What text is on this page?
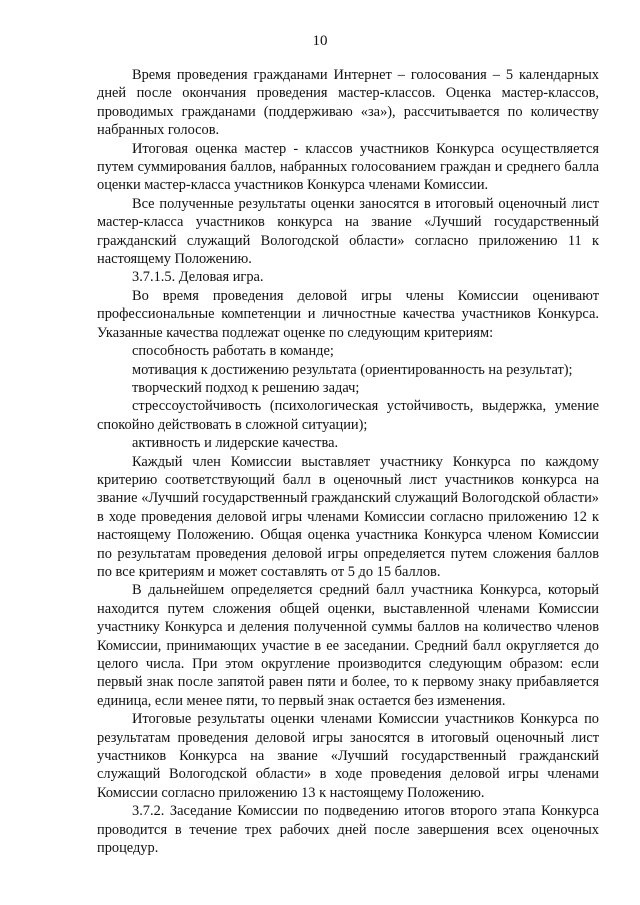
10

Время проведения гражданами Интернет – голосования – 5 календарных дней после окончания проведения мастер-классов. Оценка мастер-классов, проводимых гражданами (поддерживаю «за»), рассчитывается по количеству набранных голосов.

Итоговая оценка мастер - классов участников Конкурса осуществляется путем суммирования баллов, набранных голосованием граждан и среднего балла оценки мастер-класса участников Конкурса членами Комиссии.

Все полученные результаты оценки заносятся в итоговый оценочный лист мастер-класса участников конкурса на звание «Лучший государственный гражданский служащий Вологодской области» согласно приложению 11 к настоящему Положению.

3.7.1.5. Деловая игра.

Во время проведения деловой игры члены Комиссии оценивают профессиональные компетенции и личностные качества участников Конкурса. Указанные качества подлежат оценке по следующим критериям:

способность работать в команде;

мотивация к достижению результата (ориентированность на результат);

творческий подход к решению задач;

стрессоустойчивость (психологическая устойчивость, выдержка, умение спокойно действовать в сложной ситуации);

активность и лидерские качества.

Каждый член Комиссии выставляет участнику Конкурса по каждому критерию соответствующий балл в оценочный лист участников конкурса на звание «Лучший государственный гражданский служащий Вологодской области» в ходе проведения деловой игры членами Комиссии согласно приложению 12 к настоящему Положению. Общая оценка участника Конкурса членом Комиссии по результатам проведения деловой игры определяется путем сложения баллов по все критериям и может составлять от 5 до 15 баллов.

В дальнейшем определяется средний балл участника Конкурса, который находится путем сложения общей оценки, выставленной членами Комиссии участнику Конкурса и деления полученной суммы баллов на количество членов Комиссии, принимающих участие в ее заседании. Средний балл округляется до целого числа. При этом округление производится следующим образом: если первый знак после запятой равен пяти и более, то к первому знаку прибавляется единица, если менее пяти, то первый знак остается без изменения.

Итоговые результаты оценки членами Комиссии участников Конкурса по результатам проведения деловой игры заносятся в итоговый оценочный лист участников Конкурса на звание «Лучший государственный гражданский служащий Вологодской области» в ходе проведения деловой игры членами Комиссии согласно приложению 13 к настоящему Положению.

3.7.2. Заседание Комиссии по подведению итогов второго этапа Конкурса проводится в течение трех рабочих дней после завершения всех оценочных процедур.
